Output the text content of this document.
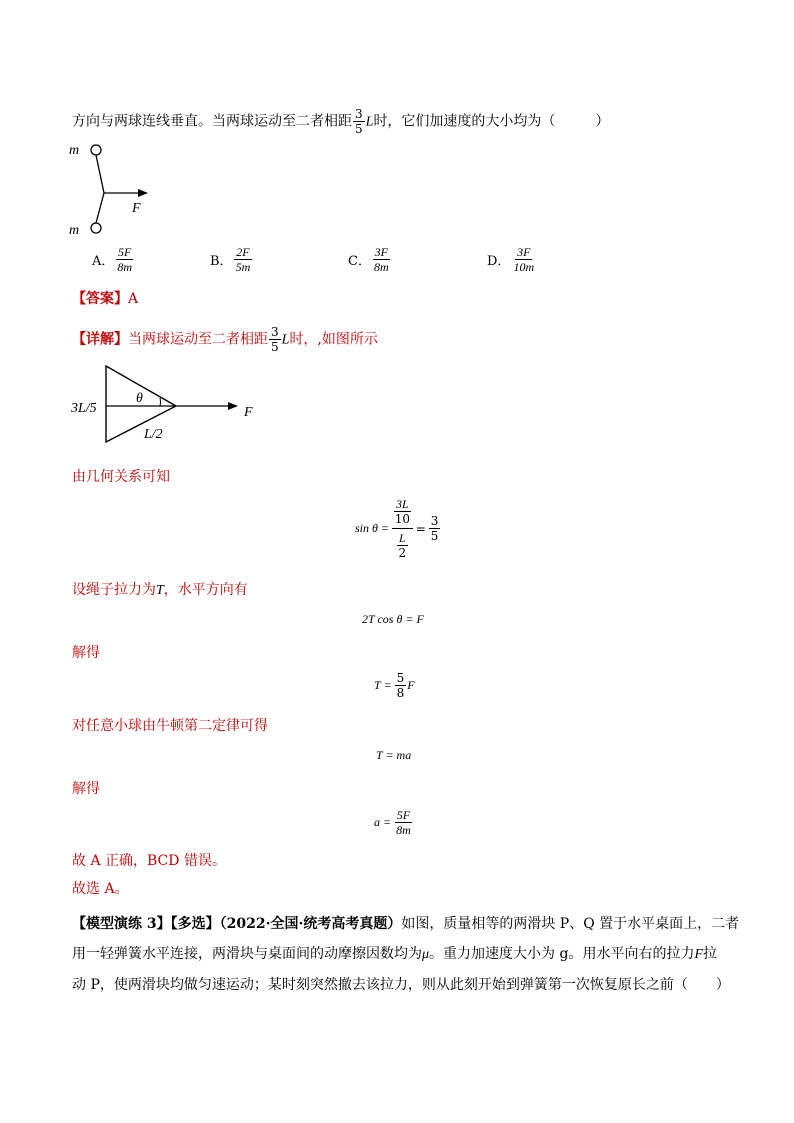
方向与两球连线垂直。当两球运动至二者相距 $\frac{3}{5}$ L时，它们加速度的大小均为（	）
m
m
F
A． $\frac{5F}{8m}$	B． $\frac{2F}{5m}$	C． $\frac{3F}{8m}$	D． $\frac{3F}{10m}$
【答案】A
【详解】当两球运动至二者相距 $\frac{3}{5}$ L时，,如图所示
3L/5
θ
L/2
F
由几何关系可知
sin θ = 3L
10
L
$2 = \frac{3}{5}$
设绳子拉力为T，水平方向有
2T cos θ = F
解得
$T = \frac{5}{8}$ F
对任意小球由牛顿第二定律可得
T = ma
解得
$a = \frac{5F}{8m}$
故 A 正确，BCD 错误。
故选 A。
【模型演练 3】【多选】（2022·全国·统考高考真题）如图，质量相等的两滑块 P、Q 置于水平桌面上，二者
用一轻弹簧水平连接，两滑块与桌面间的动摩擦因数均为μ。重力加速度大小为 g。用水平向右的拉力F拉
动 P，使两滑块均做匀速运动；某时刻突然撤去该拉力，则从此刻开始到弹簧第一次恢复原长之前（ ）
